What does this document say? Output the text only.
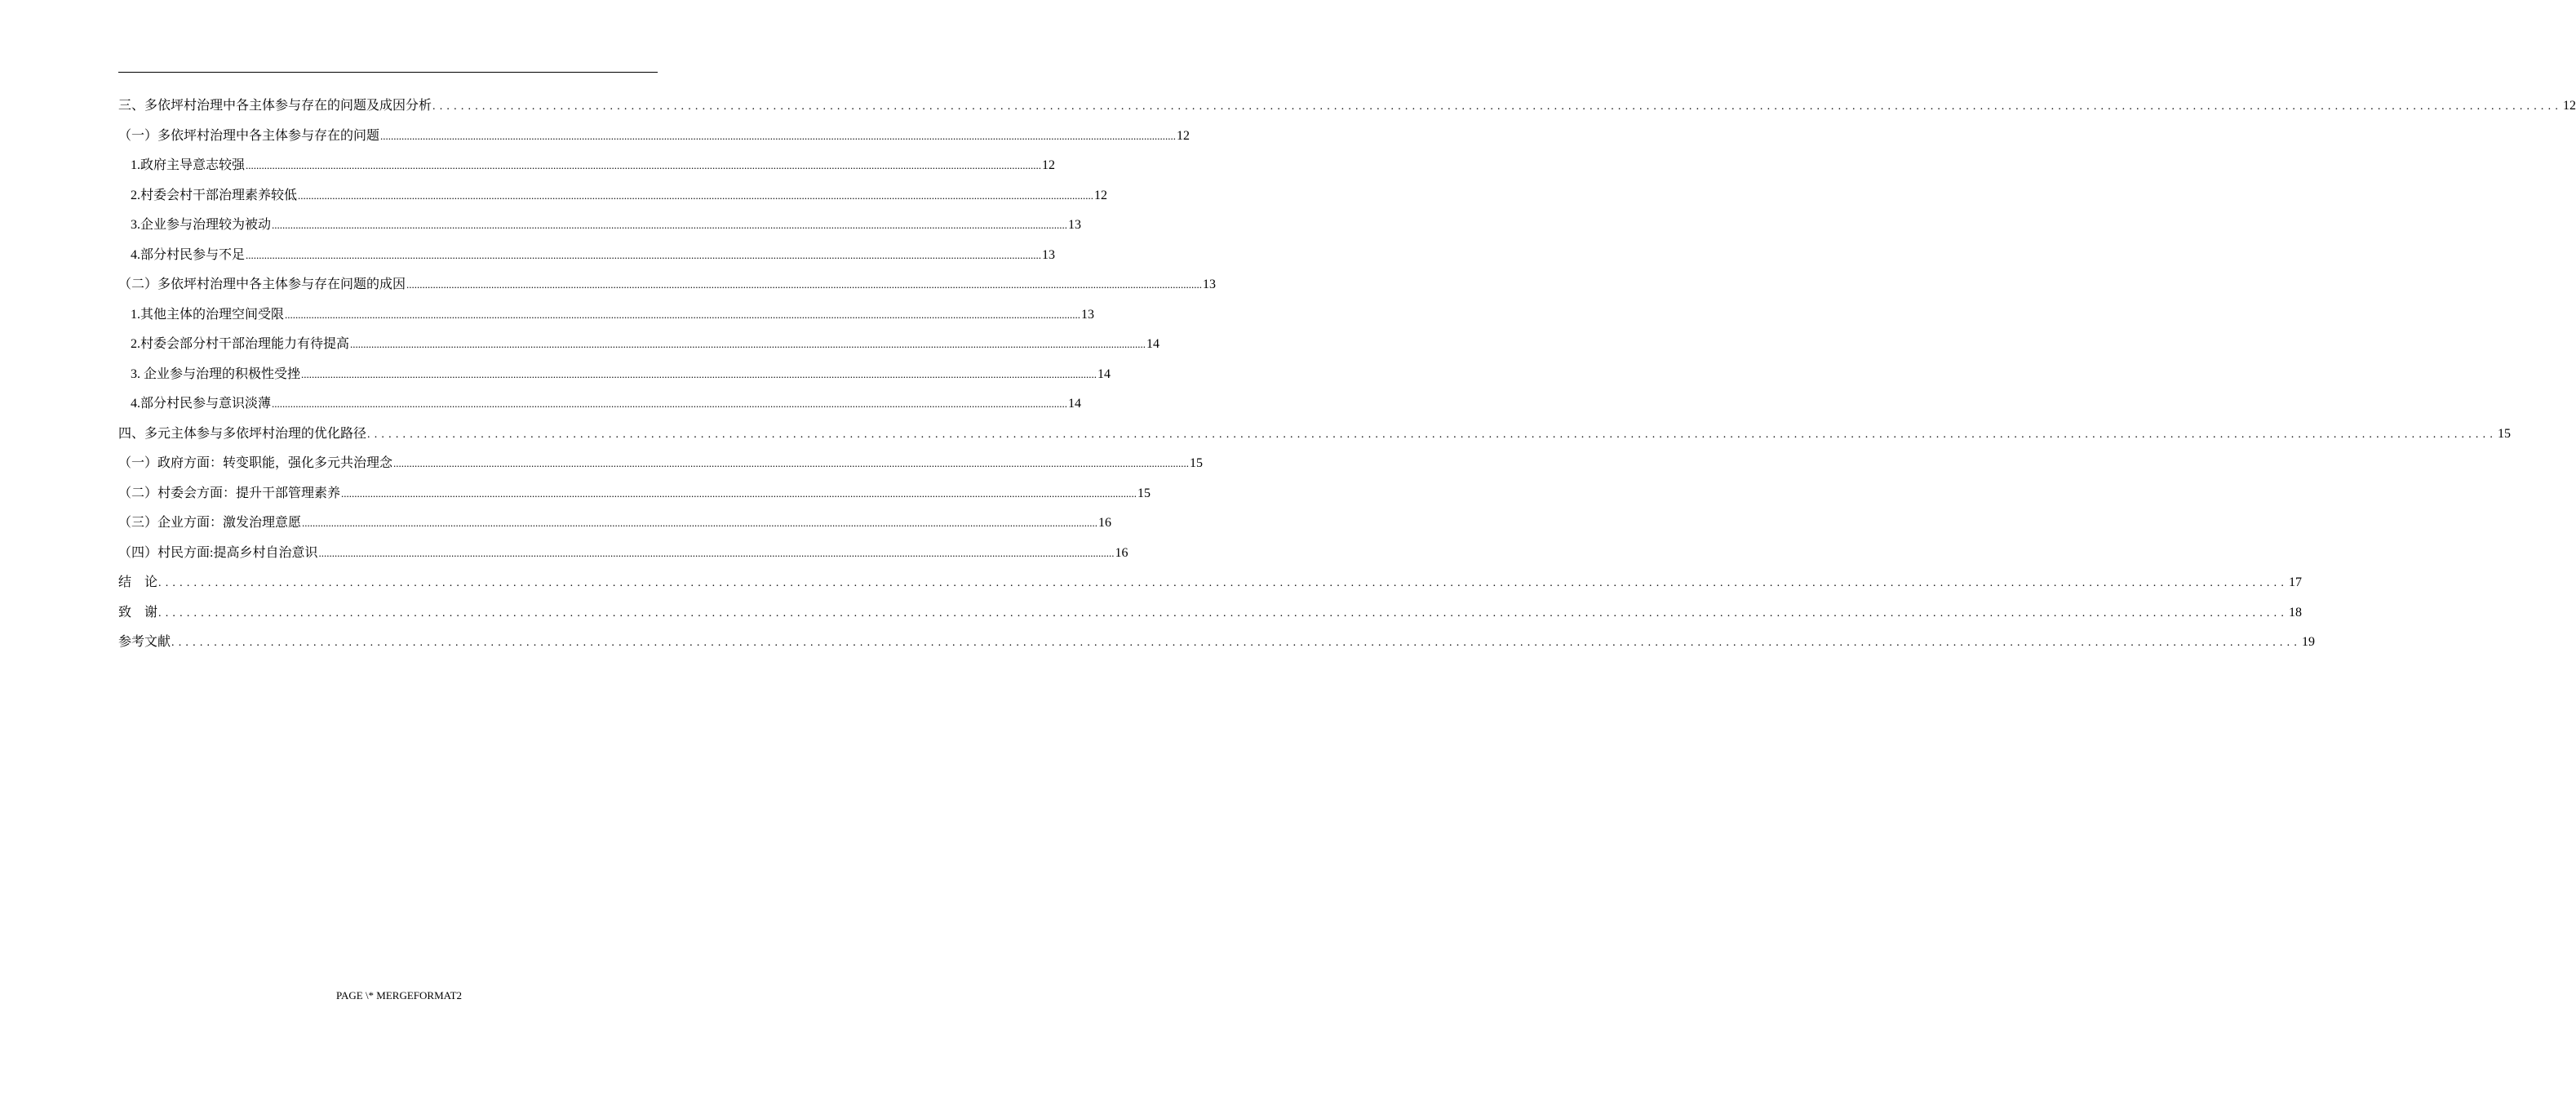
三、多依坪村治理中各主体参与存在的问题及成因分析 ............................................................................................................................................................................................................................................................................................................ 12
（一）多依坪村治理中各主体参与存在的问题 ............................................................................................................................................................................................................................................................................................................ 12
1.政府主导意志较强 ............................................................................................................................................................................................................................................................................................................ 12
2.村委会村干部治理素养较低 ............................................................................................................................................................................................................................................................................................................ 12
3.企业参与治理较为被动 ............................................................................................................................................................................................................................................................................................................ 13
4.部分村民参与不足 ............................................................................................................................................................................................................................................................................................................ 13
（二）多依坪村治理中各主体参与存在问题的成因 ............................................................................................................................................................................................................................................................................................................ 13
1.其他主体的治理空间受限 ............................................................................................................................................................................................................................................................................................................ 13
2.村委会部分村干部治理能力有待提高 ............................................................................................................................................................................................................................................................................................................ 14
3. 企业参与治理的积极性受挫 ............................................................................................................................................................................................................................................................................................................ 14
4.部分村民参与意识淡薄 ............................................................................................................................................................................................................................................................................................................ 14
四、多元主体参与多依坪村治理的优化路径 ............................................................................................................................................................................................................................................................................................................ 15
（一）政府方面：转变职能，强化多元共治理念 ............................................................................................................................................................................................................................................................................................................ 15
（二）村委会方面：提升干部管理素养 ............................................................................................................................................................................................................................................................................................................ 15
（三）企业方面：激发治理意愿 ............................................................................................................................................................................................................................................................................................................ 16
（四）村民方面:提高乡村自治意识 ............................................................................................................................................................................................................................................................................................................ 16
结　论 ............................................................................................................................................................................................................................................................................................................ 17
致　谢 ............................................................................................................................................................................................................................................................................................................ 18
参考文献 ............................................................................................................................................................................................................................................................................................................ 19
PAGE \* MERGEFORMAT2
